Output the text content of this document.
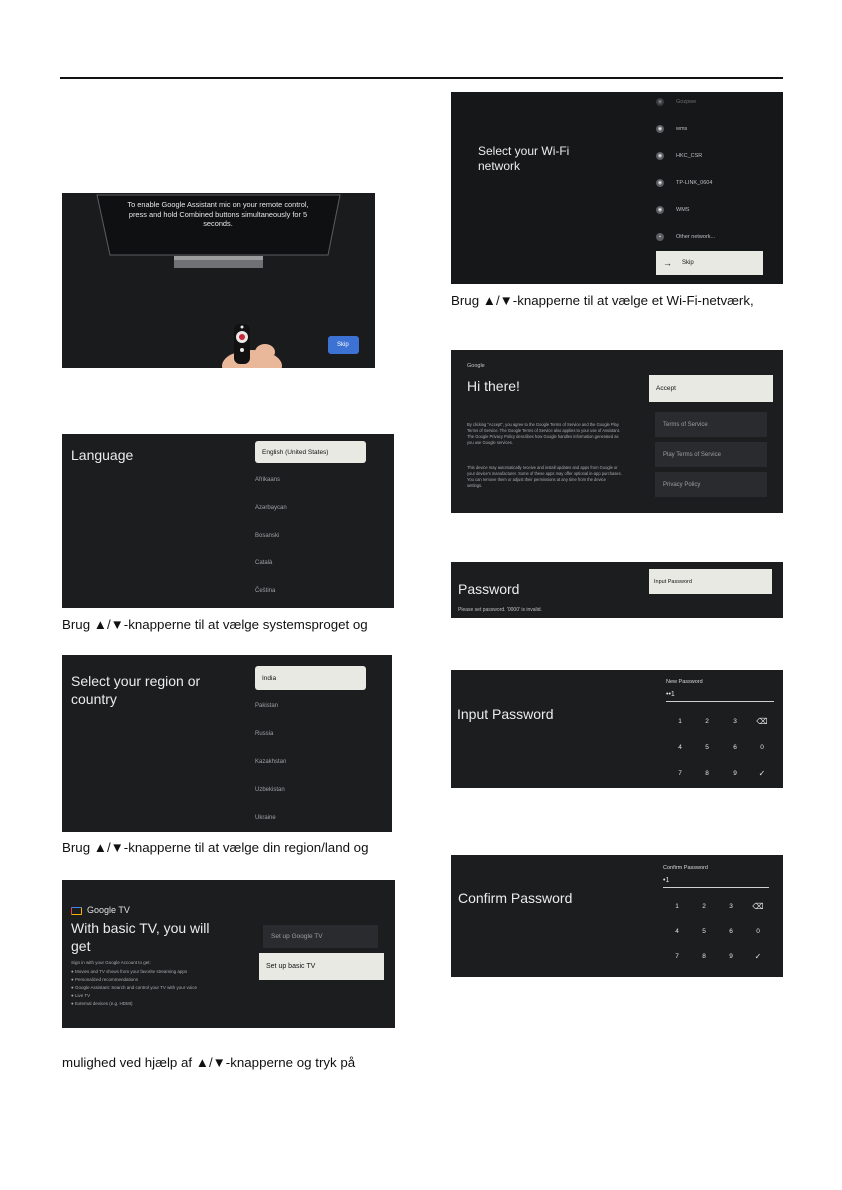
To enable Google Assistant mic on your remote control, press and hold Combined buttons simultaneously for 5 seconds.
Skip
Language	English (United States)
Afrikaans
Azərbaycan
Bosanski
Català
Čeština
Brug ▲/▼-knapperne til at vælge systemsproget og
Select your region or country
India
Pakistan
Russia
Kazakhstan
Uzbekistan
Ukraine
Brug ▲/▼-knapperne til at vælge din region/land og
Google TV
With basic TV, you will get
Sign in with your Google Account to get:
● Movies and TV shows from your favorite streaming apps
● Personalized recommendations
● Google Assistant: Search and control your TV with your voice
● Live TV
● External devices (e.g. HDMI)
Set up Google TV
Set up basic TV
mulighed ved hjælp af ▲/▼-knapperne og tryk på
Select your Wi-Fi network
◉	Gozpwe
◉	wms
◉	HKC_CSR
◉	TP-LINK_0604
◉	WMS
+	Other network...
→ Skip
Brug ▲/▼-knapperne til at vælge et Wi-Fi-netværk,
Google
Hi there!
By clicking "Accept", you agree to the Google Terms of Service and the Google Play Terms of Service. The Google Terms of Service also applies to your use of Assistant. The Google Privacy Policy describes how Google handles information generated as you use Google services.
This device may automatically receive and install updates and apps from Google or your device's manufacturer. Some of these apps may offer optional in-app purchases. You can remove them or adjust their permissions at any time from the device settings.
Accept
Terms of Service
Play Terms of Service
Privacy Policy
Password
Please set password. '0000' is invalid.
Input Password
Input Password
New Password
••1
1	2	3	⌫
4	5	6	0
7	8	9	✓
Confirm Password
Confirm Password
•1
1	2	3	⌫
4	5	6	0
7	8	9	✓
